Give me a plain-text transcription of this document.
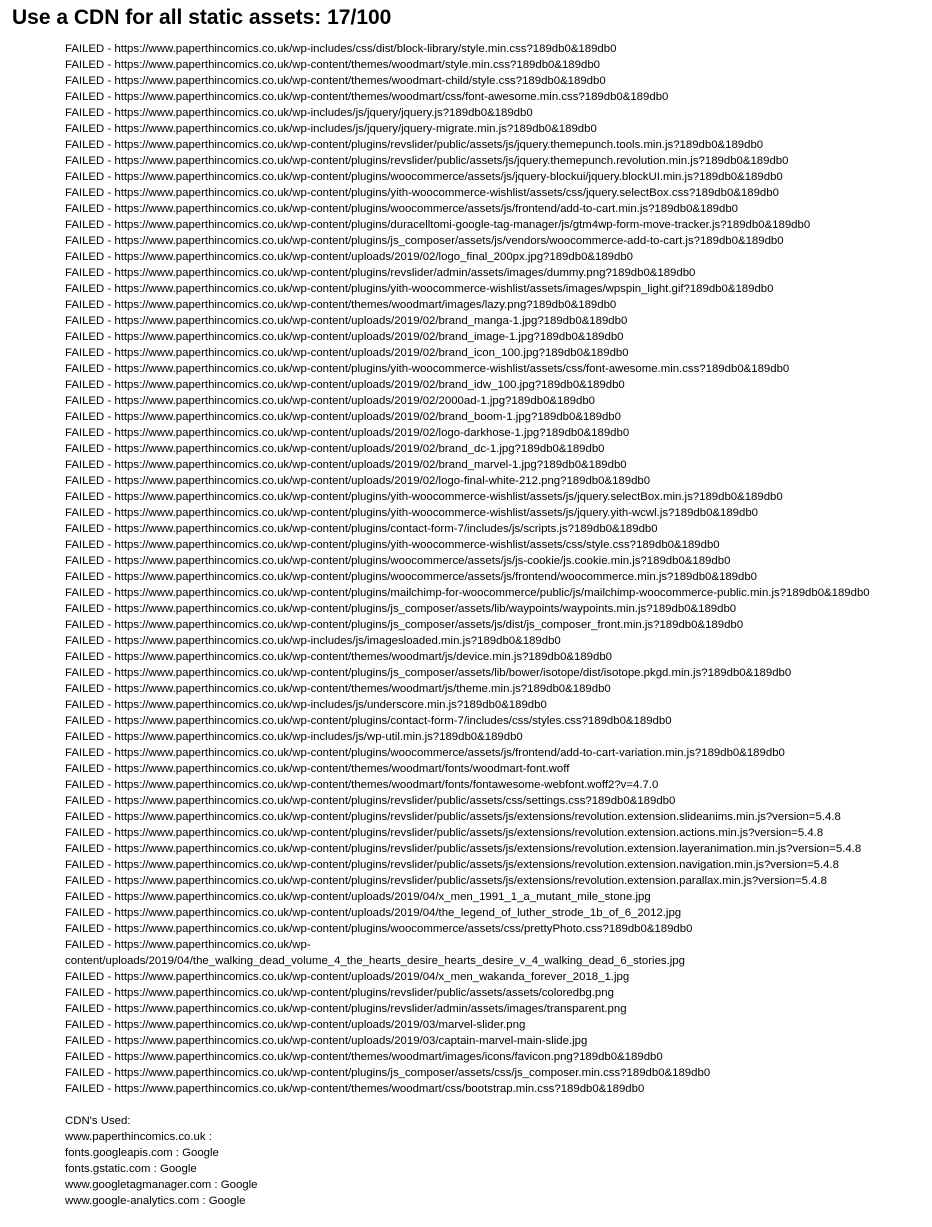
Use a CDN for all static assets: 17/100
FAILED - https://www.paperthincomics.co.uk/wp-includes/css/dist/block-library/style.min.css?189db0&189db0
FAILED - https://www.paperthincomics.co.uk/wp-content/themes/woodmart/style.min.css?189db0&189db0
FAILED - https://www.paperthincomics.co.uk/wp-content/themes/woodmart-child/style.css?189db0&189db0
FAILED - https://www.paperthincomics.co.uk/wp-content/themes/woodmart/css/font-awesome.min.css?189db0&189db0
FAILED - https://www.paperthincomics.co.uk/wp-includes/js/jquery/jquery.js?189db0&189db0
FAILED - https://www.paperthincomics.co.uk/wp-includes/js/jquery/jquery-migrate.min.js?189db0&189db0
FAILED - https://www.paperthincomics.co.uk/wp-content/plugins/revslider/public/assets/js/jquery.themepunch.tools.min.js?189db0&189db0
FAILED - https://www.paperthincomics.co.uk/wp-content/plugins/revslider/public/assets/js/jquery.themepunch.revolution.min.js?189db0&189db0
FAILED - https://www.paperthincomics.co.uk/wp-content/plugins/woocommerce/assets/js/jquery-blockui/jquery.blockUI.min.js?189db0&189db0
FAILED - https://www.paperthincomics.co.uk/wp-content/plugins/yith-woocommerce-wishlist/assets/css/jquery.selectBox.css?189db0&189db0
FAILED - https://www.paperthincomics.co.uk/wp-content/plugins/woocommerce/assets/js/frontend/add-to-cart.min.js?189db0&189db0
FAILED - https://www.paperthincomics.co.uk/wp-content/plugins/duracelltomi-google-tag-manager/js/gtm4wp-form-move-tracker.js?189db0&189db0
FAILED - https://www.paperthincomics.co.uk/wp-content/plugins/js_composer/assets/js/vendors/woocommerce-add-to-cart.js?189db0&189db0
FAILED - https://www.paperthincomics.co.uk/wp-content/uploads/2019/02/logo_final_200px.jpg?189db0&189db0
FAILED - https://www.paperthincomics.co.uk/wp-content/plugins/revslider/admin/assets/images/dummy.png?189db0&189db0
FAILED - https://www.paperthincomics.co.uk/wp-content/plugins/yith-woocommerce-wishlist/assets/images/wpspin_light.gif?189db0&189db0
FAILED - https://www.paperthincomics.co.uk/wp-content/themes/woodmart/images/lazy.png?189db0&189db0
FAILED - https://www.paperthincomics.co.uk/wp-content/uploads/2019/02/brand_manga-1.jpg?189db0&189db0
FAILED - https://www.paperthincomics.co.uk/wp-content/uploads/2019/02/brand_image-1.jpg?189db0&189db0
FAILED - https://www.paperthincomics.co.uk/wp-content/uploads/2019/02/brand_icon_100.jpg?189db0&189db0
FAILED - https://www.paperthincomics.co.uk/wp-content/plugins/yith-woocommerce-wishlist/assets/css/font-awesome.min.css?189db0&189db0
FAILED - https://www.paperthincomics.co.uk/wp-content/uploads/2019/02/brand_idw_100.jpg?189db0&189db0
FAILED - https://www.paperthincomics.co.uk/wp-content/uploads/2019/02/2000ad-1.jpg?189db0&189db0
FAILED - https://www.paperthincomics.co.uk/wp-content/uploads/2019/02/brand_boom-1.jpg?189db0&189db0
FAILED - https://www.paperthincomics.co.uk/wp-content/uploads/2019/02/logo-darkhose-1.jpg?189db0&189db0
FAILED - https://www.paperthincomics.co.uk/wp-content/uploads/2019/02/brand_dc-1.jpg?189db0&189db0
FAILED - https://www.paperthincomics.co.uk/wp-content/uploads/2019/02/brand_marvel-1.jpg?189db0&189db0
FAILED - https://www.paperthincomics.co.uk/wp-content/uploads/2019/02/logo-final-white-212.png?189db0&189db0
FAILED - https://www.paperthincomics.co.uk/wp-content/plugins/yith-woocommerce-wishlist/assets/js/jquery.selectBox.min.js?189db0&189db0
FAILED - https://www.paperthincomics.co.uk/wp-content/plugins/yith-woocommerce-wishlist/assets/js/jquery.yith-wcwl.js?189db0&189db0
FAILED - https://www.paperthincomics.co.uk/wp-content/plugins/contact-form-7/includes/js/scripts.js?189db0&189db0
FAILED - https://www.paperthincomics.co.uk/wp-content/plugins/yith-woocommerce-wishlist/assets/css/style.css?189db0&189db0
FAILED - https://www.paperthincomics.co.uk/wp-content/plugins/woocommerce/assets/js/js-cookie/js.cookie.min.js?189db0&189db0
FAILED - https://www.paperthincomics.co.uk/wp-content/plugins/woocommerce/assets/js/frontend/woocommerce.min.js?189db0&189db0
FAILED - https://www.paperthincomics.co.uk/wp-content/plugins/mailchimp-for-woocommerce/public/js/mailchimp-woocommerce-public.min.js?189db0&189db0
FAILED - https://www.paperthincomics.co.uk/wp-content/plugins/js_composer/assets/lib/waypoints/waypoints.min.js?189db0&189db0
FAILED - https://www.paperthincomics.co.uk/wp-content/plugins/js_composer/assets/js/dist/js_composer_front.min.js?189db0&189db0
FAILED - https://www.paperthincomics.co.uk/wp-includes/js/imagesloaded.min.js?189db0&189db0
FAILED - https://www.paperthincomics.co.uk/wp-content/themes/woodmart/js/device.min.js?189db0&189db0
FAILED - https://www.paperthincomics.co.uk/wp-content/plugins/js_composer/assets/lib/bower/isotope/dist/isotope.pkgd.min.js?189db0&189db0
FAILED - https://www.paperthincomics.co.uk/wp-content/themes/woodmart/js/theme.min.js?189db0&189db0
FAILED - https://www.paperthincomics.co.uk/wp-includes/js/underscore.min.js?189db0&189db0
FAILED - https://www.paperthincomics.co.uk/wp-content/plugins/contact-form-7/includes/css/styles.css?189db0&189db0
FAILED - https://www.paperthincomics.co.uk/wp-includes/js/wp-util.min.js?189db0&189db0
FAILED - https://www.paperthincomics.co.uk/wp-content/plugins/woocommerce/assets/js/frontend/add-to-cart-variation.min.js?189db0&189db0
FAILED - https://www.paperthincomics.co.uk/wp-content/themes/woodmart/fonts/woodmart-font.woff
FAILED - https://www.paperthincomics.co.uk/wp-content/themes/woodmart/fonts/fontawesome-webfont.woff2?v=4.7.0
FAILED - https://www.paperthincomics.co.uk/wp-content/plugins/revslider/public/assets/css/settings.css?189db0&189db0
FAILED - https://www.paperthincomics.co.uk/wp-content/plugins/revslider/public/assets/js/extensions/revolution.extension.slideanims.min.js?version=5.4.8
FAILED - https://www.paperthincomics.co.uk/wp-content/plugins/revslider/public/assets/js/extensions/revolution.extension.actions.min.js?version=5.4.8
FAILED - https://www.paperthincomics.co.uk/wp-content/plugins/revslider/public/assets/js/extensions/revolution.extension.layeranimation.min.js?version=5.4.8
FAILED - https://www.paperthincomics.co.uk/wp-content/plugins/revslider/public/assets/js/extensions/revolution.extension.navigation.min.js?version=5.4.8
FAILED - https://www.paperthincomics.co.uk/wp-content/plugins/revslider/public/assets/js/extensions/revolution.extension.parallax.min.js?version=5.4.8
FAILED - https://www.paperthincomics.co.uk/wp-content/uploads/2019/04/x_men_1991_1_a_mutant_mile_stone.jpg
FAILED - https://www.paperthincomics.co.uk/wp-content/uploads/2019/04/the_legend_of_luther_strode_1b_of_6_2012.jpg
FAILED - https://www.paperthincomics.co.uk/wp-content/plugins/woocommerce/assets/css/prettyPhoto.css?189db0&189db0
FAILED - https://www.paperthincomics.co.uk/wp-
content/uploads/2019/04/the_walking_dead_volume_4_the_hearts_desire_hearts_desire_v_4_walking_dead_6_stories.jpg
FAILED - https://www.paperthincomics.co.uk/wp-content/uploads/2019/04/x_men_wakanda_forever_2018_1.jpg
FAILED - https://www.paperthincomics.co.uk/wp-content/plugins/revslider/public/assets/assets/coloredbg.png
FAILED - https://www.paperthincomics.co.uk/wp-content/plugins/revslider/admin/assets/images/transparent.png
FAILED - https://www.paperthincomics.co.uk/wp-content/uploads/2019/03/marvel-slider.png
FAILED - https://www.paperthincomics.co.uk/wp-content/uploads/2019/03/captain-marvel-main-slide.jpg
FAILED - https://www.paperthincomics.co.uk/wp-content/themes/woodmart/images/icons/favicon.png?189db0&189db0
FAILED - https://www.paperthincomics.co.uk/wp-content/plugins/js_composer/assets/css/js_composer.min.css?189db0&189db0
FAILED - https://www.paperthincomics.co.uk/wp-content/themes/woodmart/css/bootstrap.min.css?189db0&189db0
CDN's Used:
www.paperthincomics.co.uk :
fonts.googleapis.com : Google
fonts.gstatic.com : Google
www.googletagmanager.com : Google
www.google-analytics.com : Google
